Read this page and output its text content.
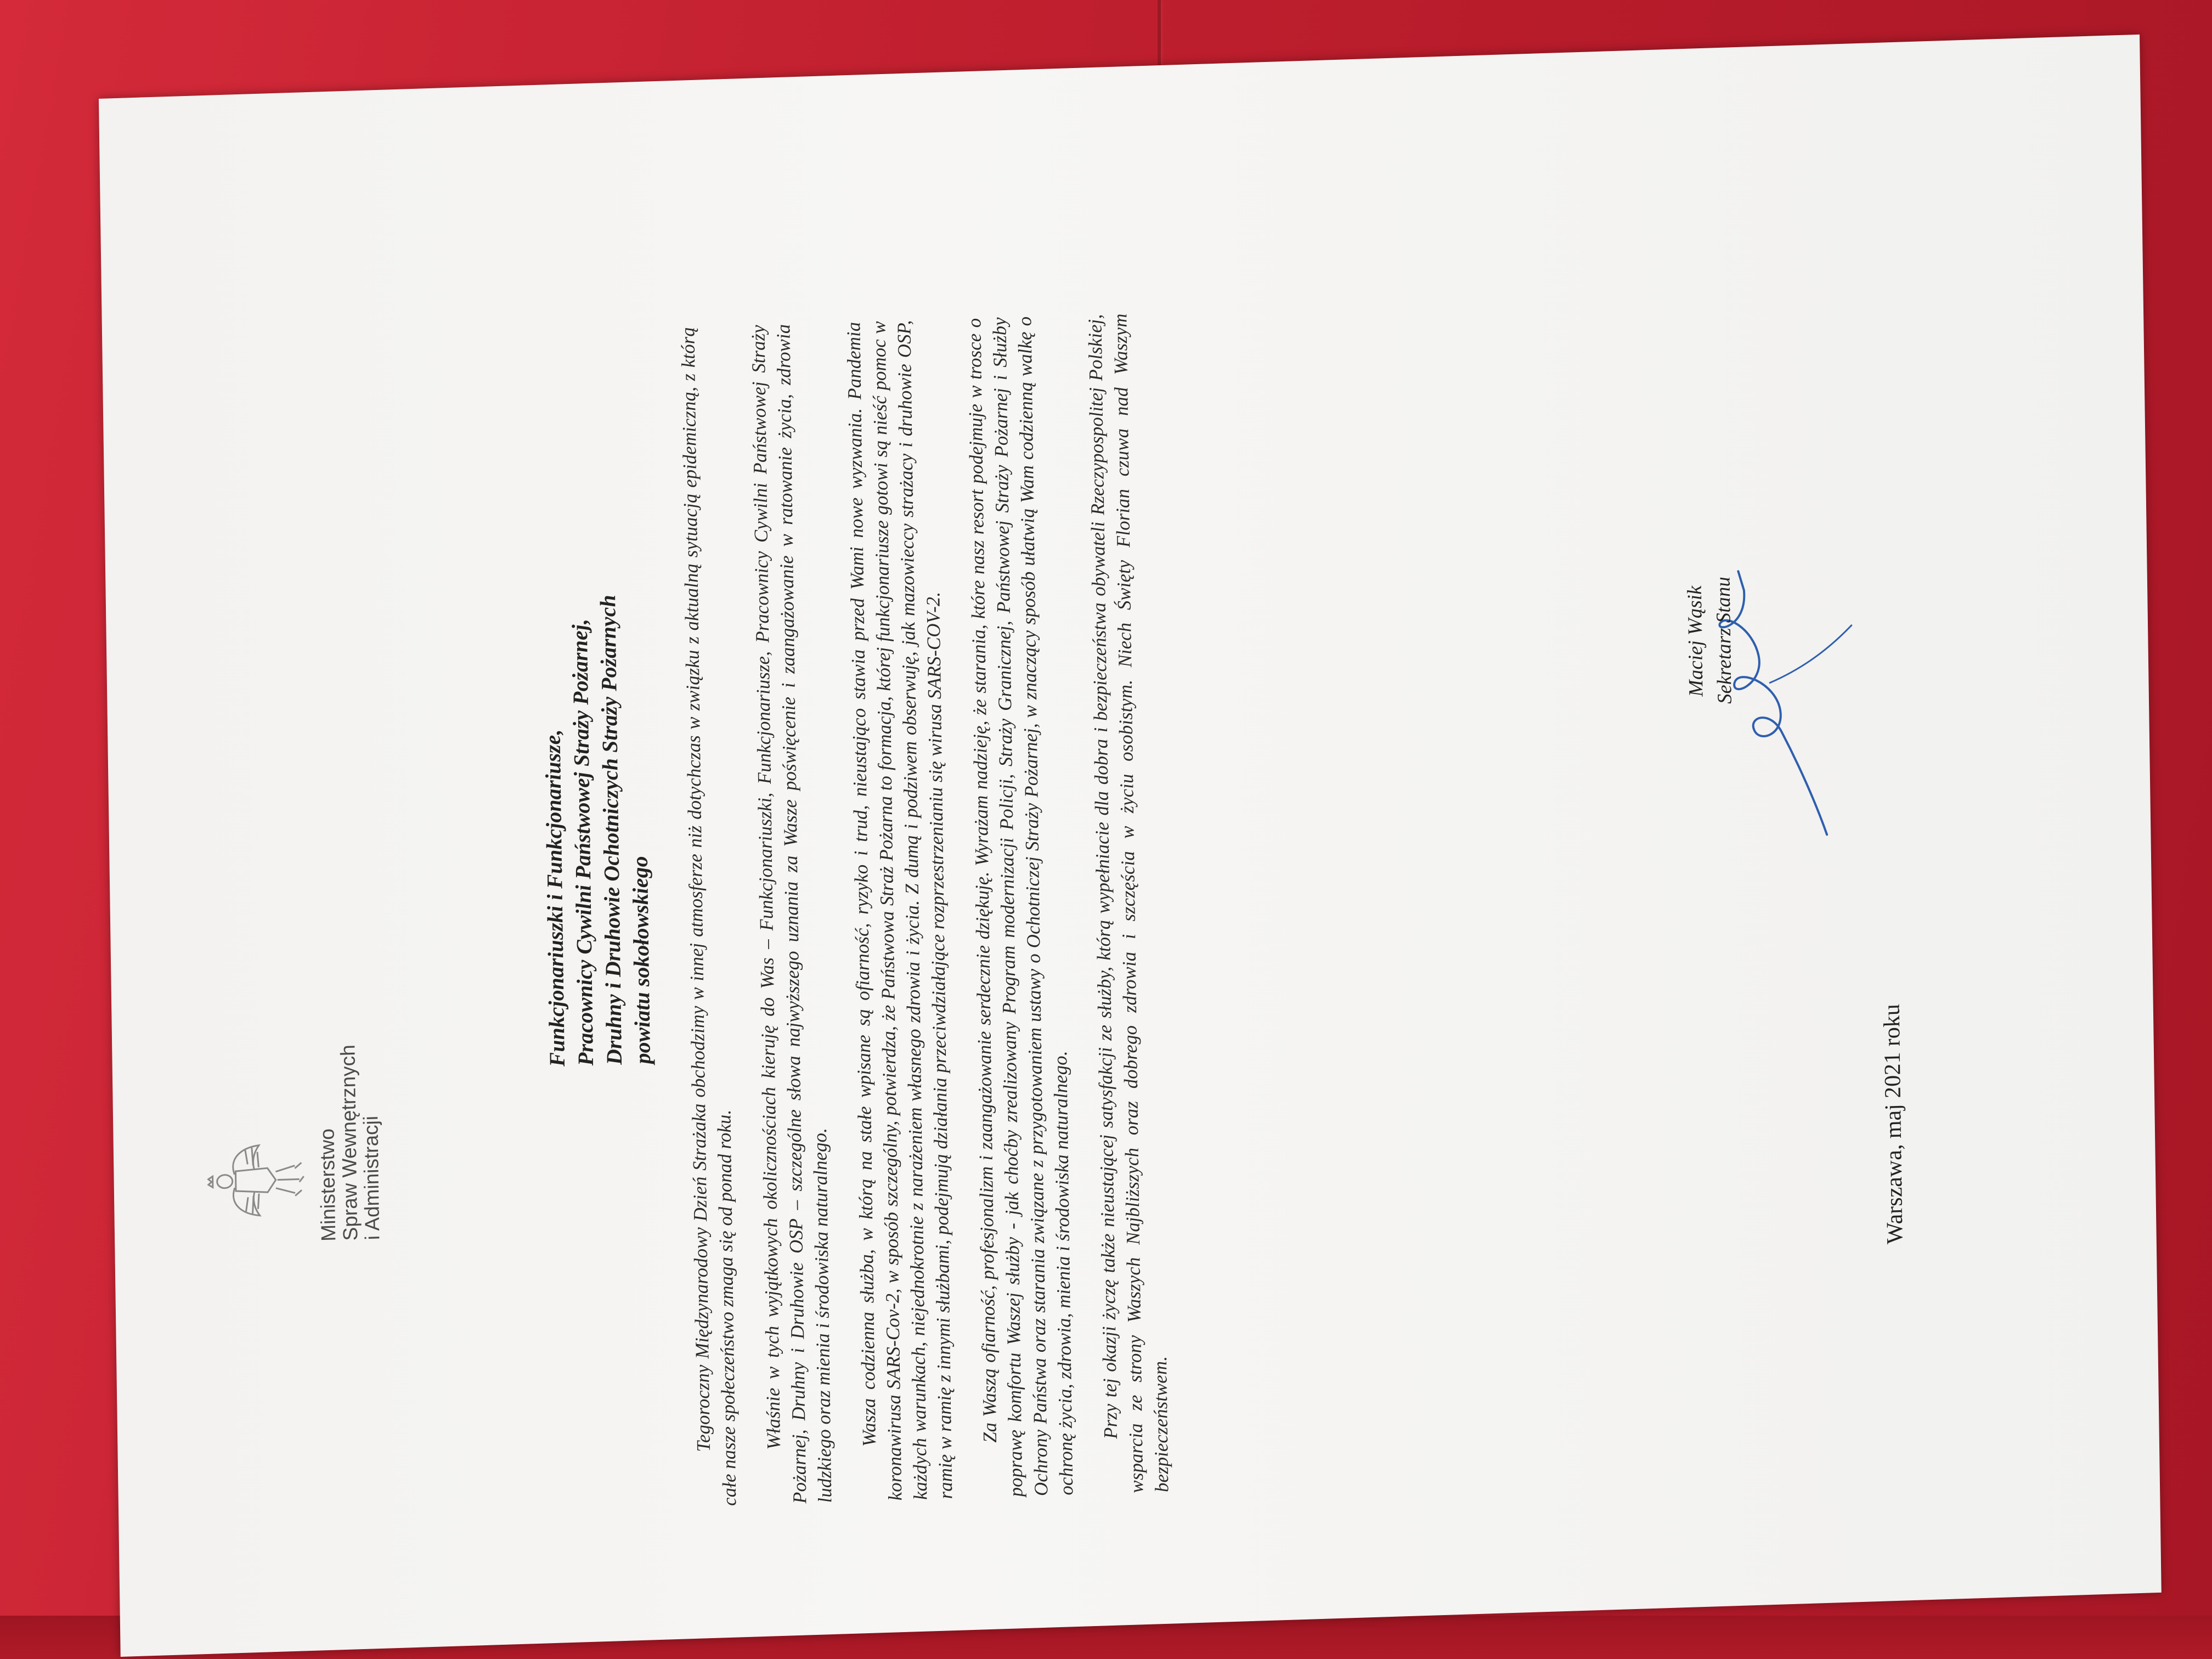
Ministerstwo
Spraw Wewnętrznych
i Administracji
Funkcjonariuszki i Funkcjonariusze,
Pracownicy Cywilni Państwowej Straży Pożarnej,
Druhny i Druhowie Ochotniczych Straży Pożarnych powiatu sokołowskiego Tegoroczny Międzynarodowy Dzień Strażaka obchodzimy w innej atmosferze niż dotychczas w związku z aktualną sytuacją epidemiczną, z którą całe nasze społeczeństwo zmaga się od ponad roku. Właśnie w tych wyjątkowych okolicznościach kieruję do Was – Funkcjonariuszki, Funkcjonariusze, Pracownicy Cywilni Państwowej Straży Pożarnej, Druhny i Druhowie OSP – szczególne słowa najwyższego uznania za Wasze poświęcenie i zaangażowanie w ratowanie życia, zdrowia ludzkiego oraz mienia i środowiska naturalnego. Wasza codzienna służba, w którą na stałe wpisane są ofiarność, ryzyko i trud, nieustająco stawia przed Wami nowe wyzwania. Pandemia koronawirusa SARS-Cov-2, w sposób szczególny, potwierdza, że Państwowa Straż Pożarna to formacja, której funkcjonariusze gotowi są nieść pomoc w każdych warunkach, niejednokrotnie z narażeniem własnego zdrowia i życia. Z dumą i podziwem obserwuję, jak mazowieccy strażacy i druhowie OSP, ramię w ramię z innymi służbami, podejmują działania przeciwdziałające rozprzestrzenianiu się wirusa SARS-COV-2. Za Waszą ofiarność, profesjonalizm i zaangażowanie serdecznie dziękuję. Wyrażam nadzieję, że starania, które nasz resort podejmuje w trosce o poprawę komfortu Waszej służby - jak choćby zrealizowany Program modernizacji Policji, Straży Granicznej, Państwowej Straży Pożarnej i Służby Ochrony Państwa oraz starania związane z przygotowaniem ustawy o Ochotniczej Straży Pożarnej, w znaczący sposób ułatwią Wam codzienną walkę o ochronę życia, zdrowia, mienia i środowiska naturalnego. Przy tej okazji życzę także nieustającej satysfakcji ze służby, którą wypełniacie dla dobra i bezpieczeństwa obywateli Rzeczypospolitej Polskiej, wsparcia ze strony Waszych Najbliższych oraz dobrego zdrowia i szczęścia w życiu osobistym. Niech Święty Florian czuwa nad Waszym bezpieczeństwem.

Maciej Wąsik Sekretarz Stanu
Warszawa, maj 2021 roku
